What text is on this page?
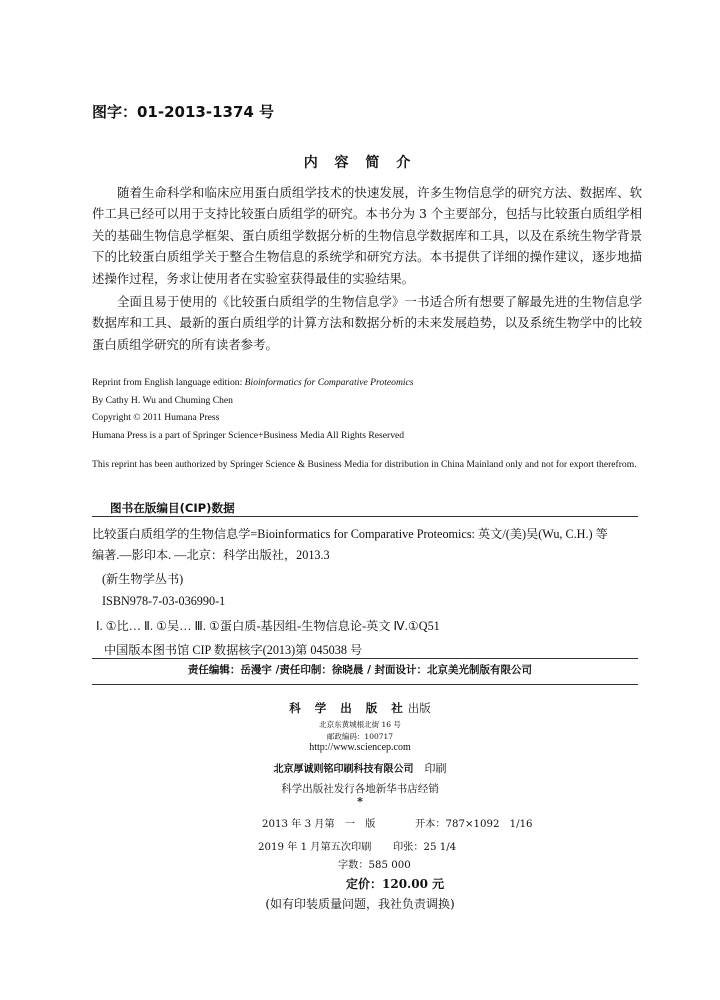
图字：01-2013-1374 号
内 容 简 介
随着生命科学和临床应用蛋白质组学技术的快速发展，许多生物信息学的研究方法、数据库、软件工具已经可以用于支持比较蛋白质组学的研究。本书分为 3 个主要部分，包括与比较蛋白质组学相关的基础生物信息学框架、蛋白质组学数据分析的生物信息学数据库和工具，以及在系统生物学背景下的比较蛋白质组学关于整合生物信息的系统学和研究方法。本书提供了详细的操作建议，逐步地描述操作过程，务求让使用者在实验室获得最佳的实验结果。
全面且易于使用的《比较蛋白质组学的生物信息学》一书适合所有想要了解最先进的生物信息学数据库和工具、最新的蛋白质组学的计算方法和数据分析的未来发展趋势，以及系统生物学中的比较蛋白质组学研究的所有读者参考。
Reprint from English language edition: Bioinformatics for Comparative Proteomics
By Cathy H. Wu and Chuming Chen
Copyright © 2011 Humana Press
Humana Press is a part of Springer Science+Business Media All Rights Reserved
This reprint has been authorized by Springer Science & Business Media for distribution in China Mainland only and not for export therefrom.
图书在版编目(CIP)数据
比较蛋白质组学的生物信息学=Bioinformatics for Comparative Proteomics: 英文/(美)吴(Wu, C.H.) 等
编著.—影印本. —北京：科学出版社，2013.3
(新生物学丛书)
ISBN978-7-03-036990-1
Ⅰ. ①比… Ⅱ. ①吴… Ⅲ. ①蛋白质-基因组-生物信息论-英文 Ⅳ.①Q51
中国版本图书馆 CIP 数据核字(2013)第 045038 号
责任编辑：岳漫宇 /责任印制：徐晓晨 / 封面设计：北京美光制版有限公司
科 学 出 版 社出版
北京东黄城根北街 16 号
邮政编码：100717
http://www.sciencep.com
北京厚诚则铭印刷科技有限公司　 印刷
科学出版社发行各地新华书店经销
*
2013 年 3 月第　一　版	开本：787×1092　1/16
2019 年 1 月第五次印刷 印张：25 1/4
字数：585 000
定价：120.00 元
(如有印装质量问题，我社负责调换)
